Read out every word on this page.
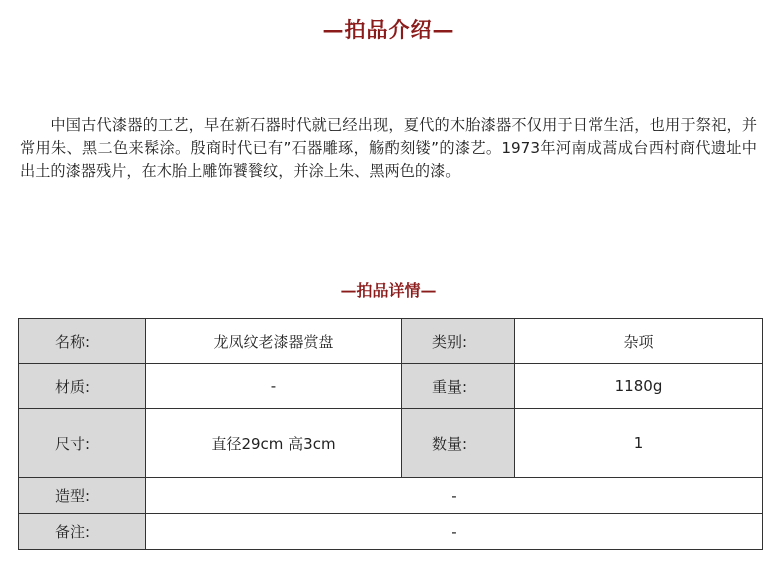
—拍品介绍—
中国古代漆器的工艺，早在新石器时代就已经出现，夏代的木胎漆器不仅用于日常生活，也用于祭祀，并常用朱、黑二色来髹涂。殷商时代已有”石器雕琢，觞酌刻镂”的漆艺。1973年河南成蒿成台西村商代遗址中出土的漆器残片，在木胎上雕饰饕餮纹，并涂上朱、黑两色的漆。
—拍品详情—
名称:	龙凤纹老漆器赏盘	类别:	杂项
材质:	-	重量:	1180g
尺寸:	直径29cm 高3cm	数量:	1
造型:	-		
备注:	-		
